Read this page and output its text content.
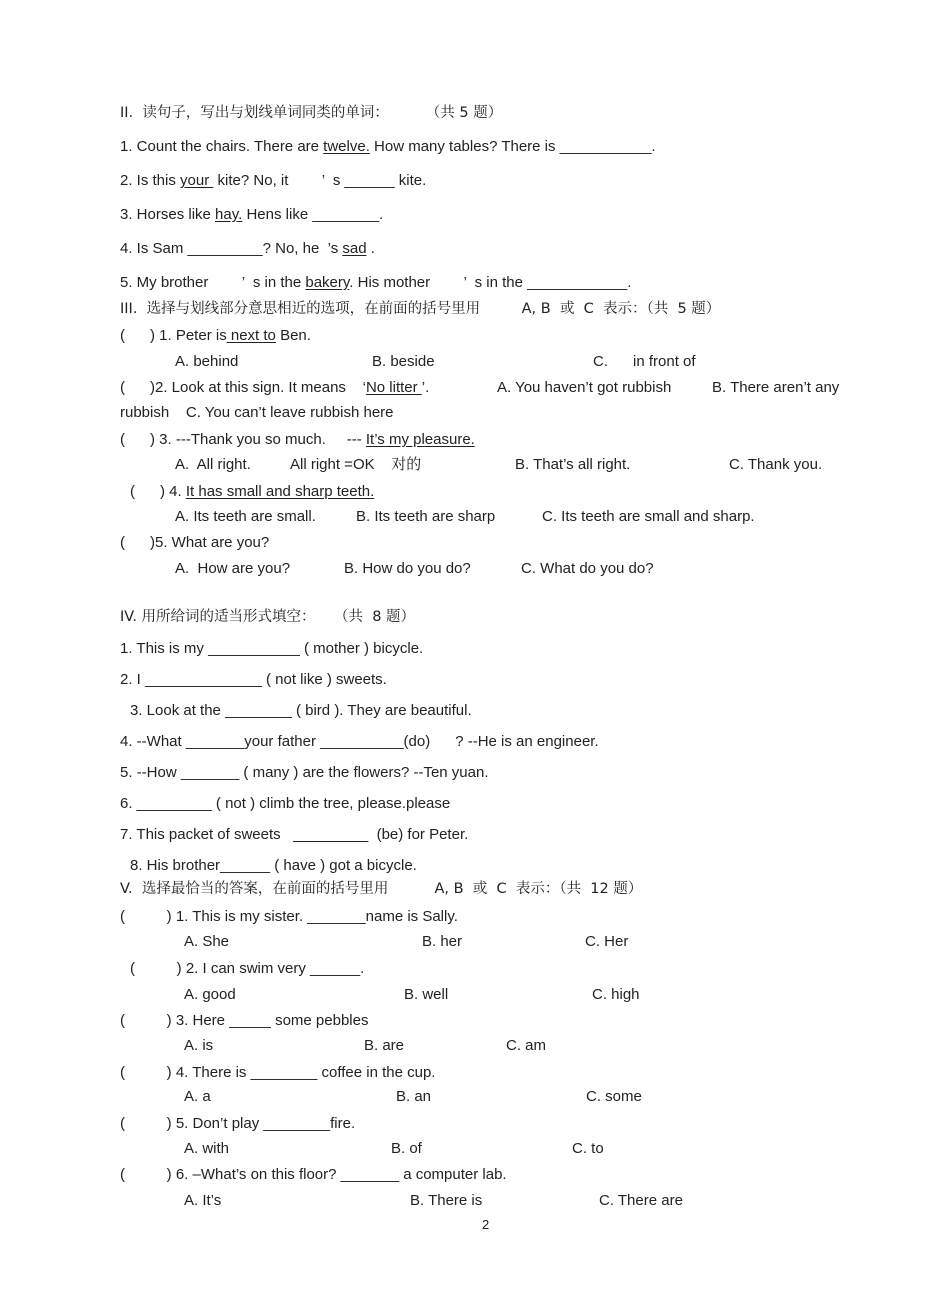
II.  读句子，写出与划线单词同类的单词：        （共 5 题）
1. Count the chairs. There are twelve. How many tables? There is ___________.
2. Is this your  kite? No, it        ’  s ______ kite.
3. Horses like hay. Hens like ________.
4. Is Sam _________? No, he  ’s sad .
5. My brother        ’  s in the bakery. His mother        ’  s in the ____________.
III.  选择与划线部分意思相近的选项，在前面的括号里用         A, B  或  C  表示：（共  5 题）
(      ) 1. Peter is next to Ben.
A. behind	B. beside	C.      in front of
(      )2. Look at this sign. It means    ‘No litter ’.	A. You haven’t got rubbish	B. There aren’t any
rubbish    C. You can’t leave rubbish here
(      ) 3. ---Thank you so much.     --- It’s my pleasure.
A.  All right.	All right =OK    对的	B. That’s all right.	C. Thank you.
(      ) 4. It has small and sharp teeth.
A. Its teeth are small.	B. Its teeth are sharp	C. Its teeth are small and sharp.
(      )5. What are you?
A.  How are you?	B. How do you do?	C. What do you do?
IV. 用所给词的适当形式填空：    （共  8 题）
1. This is my ___________ ( mother ) bicycle.
2. I ______________ ( not like ) sweets.
3. Look at the ________ ( bird ). They are beautiful.
4. --What _______your father __________(do)      ? --He is an engineer.
5. --How _______ ( many ) are the flowers? --Ten yuan.
6. _________ ( not ) climb the tree, please.please
7. This packet of sweets   _________  (be) for Peter.
8. His brother______ ( have ) got a bicycle.
V.  选择最恰当的答案，在前面的括号里用          A, B  或  C  表示：（共  12 题）
(          ) 1. This is my sister. _______name is Sally.
A. She	B. her	C. Her
(          ) 2. I can swim very ______.
A. good	B. well	C. high
(          ) 3. Here _____ some pebbles
A. is	B. are	C. am
(          ) 4. There is ________ coffee in the cup.
A. a	B. an	C. some
(          ) 5. Don’t play ________fire.
A. with	B. of	C. to
(          ) 6. –What’s on this floor? _______ a computer lab.
A. It’s	B. There is	C. There are
2
